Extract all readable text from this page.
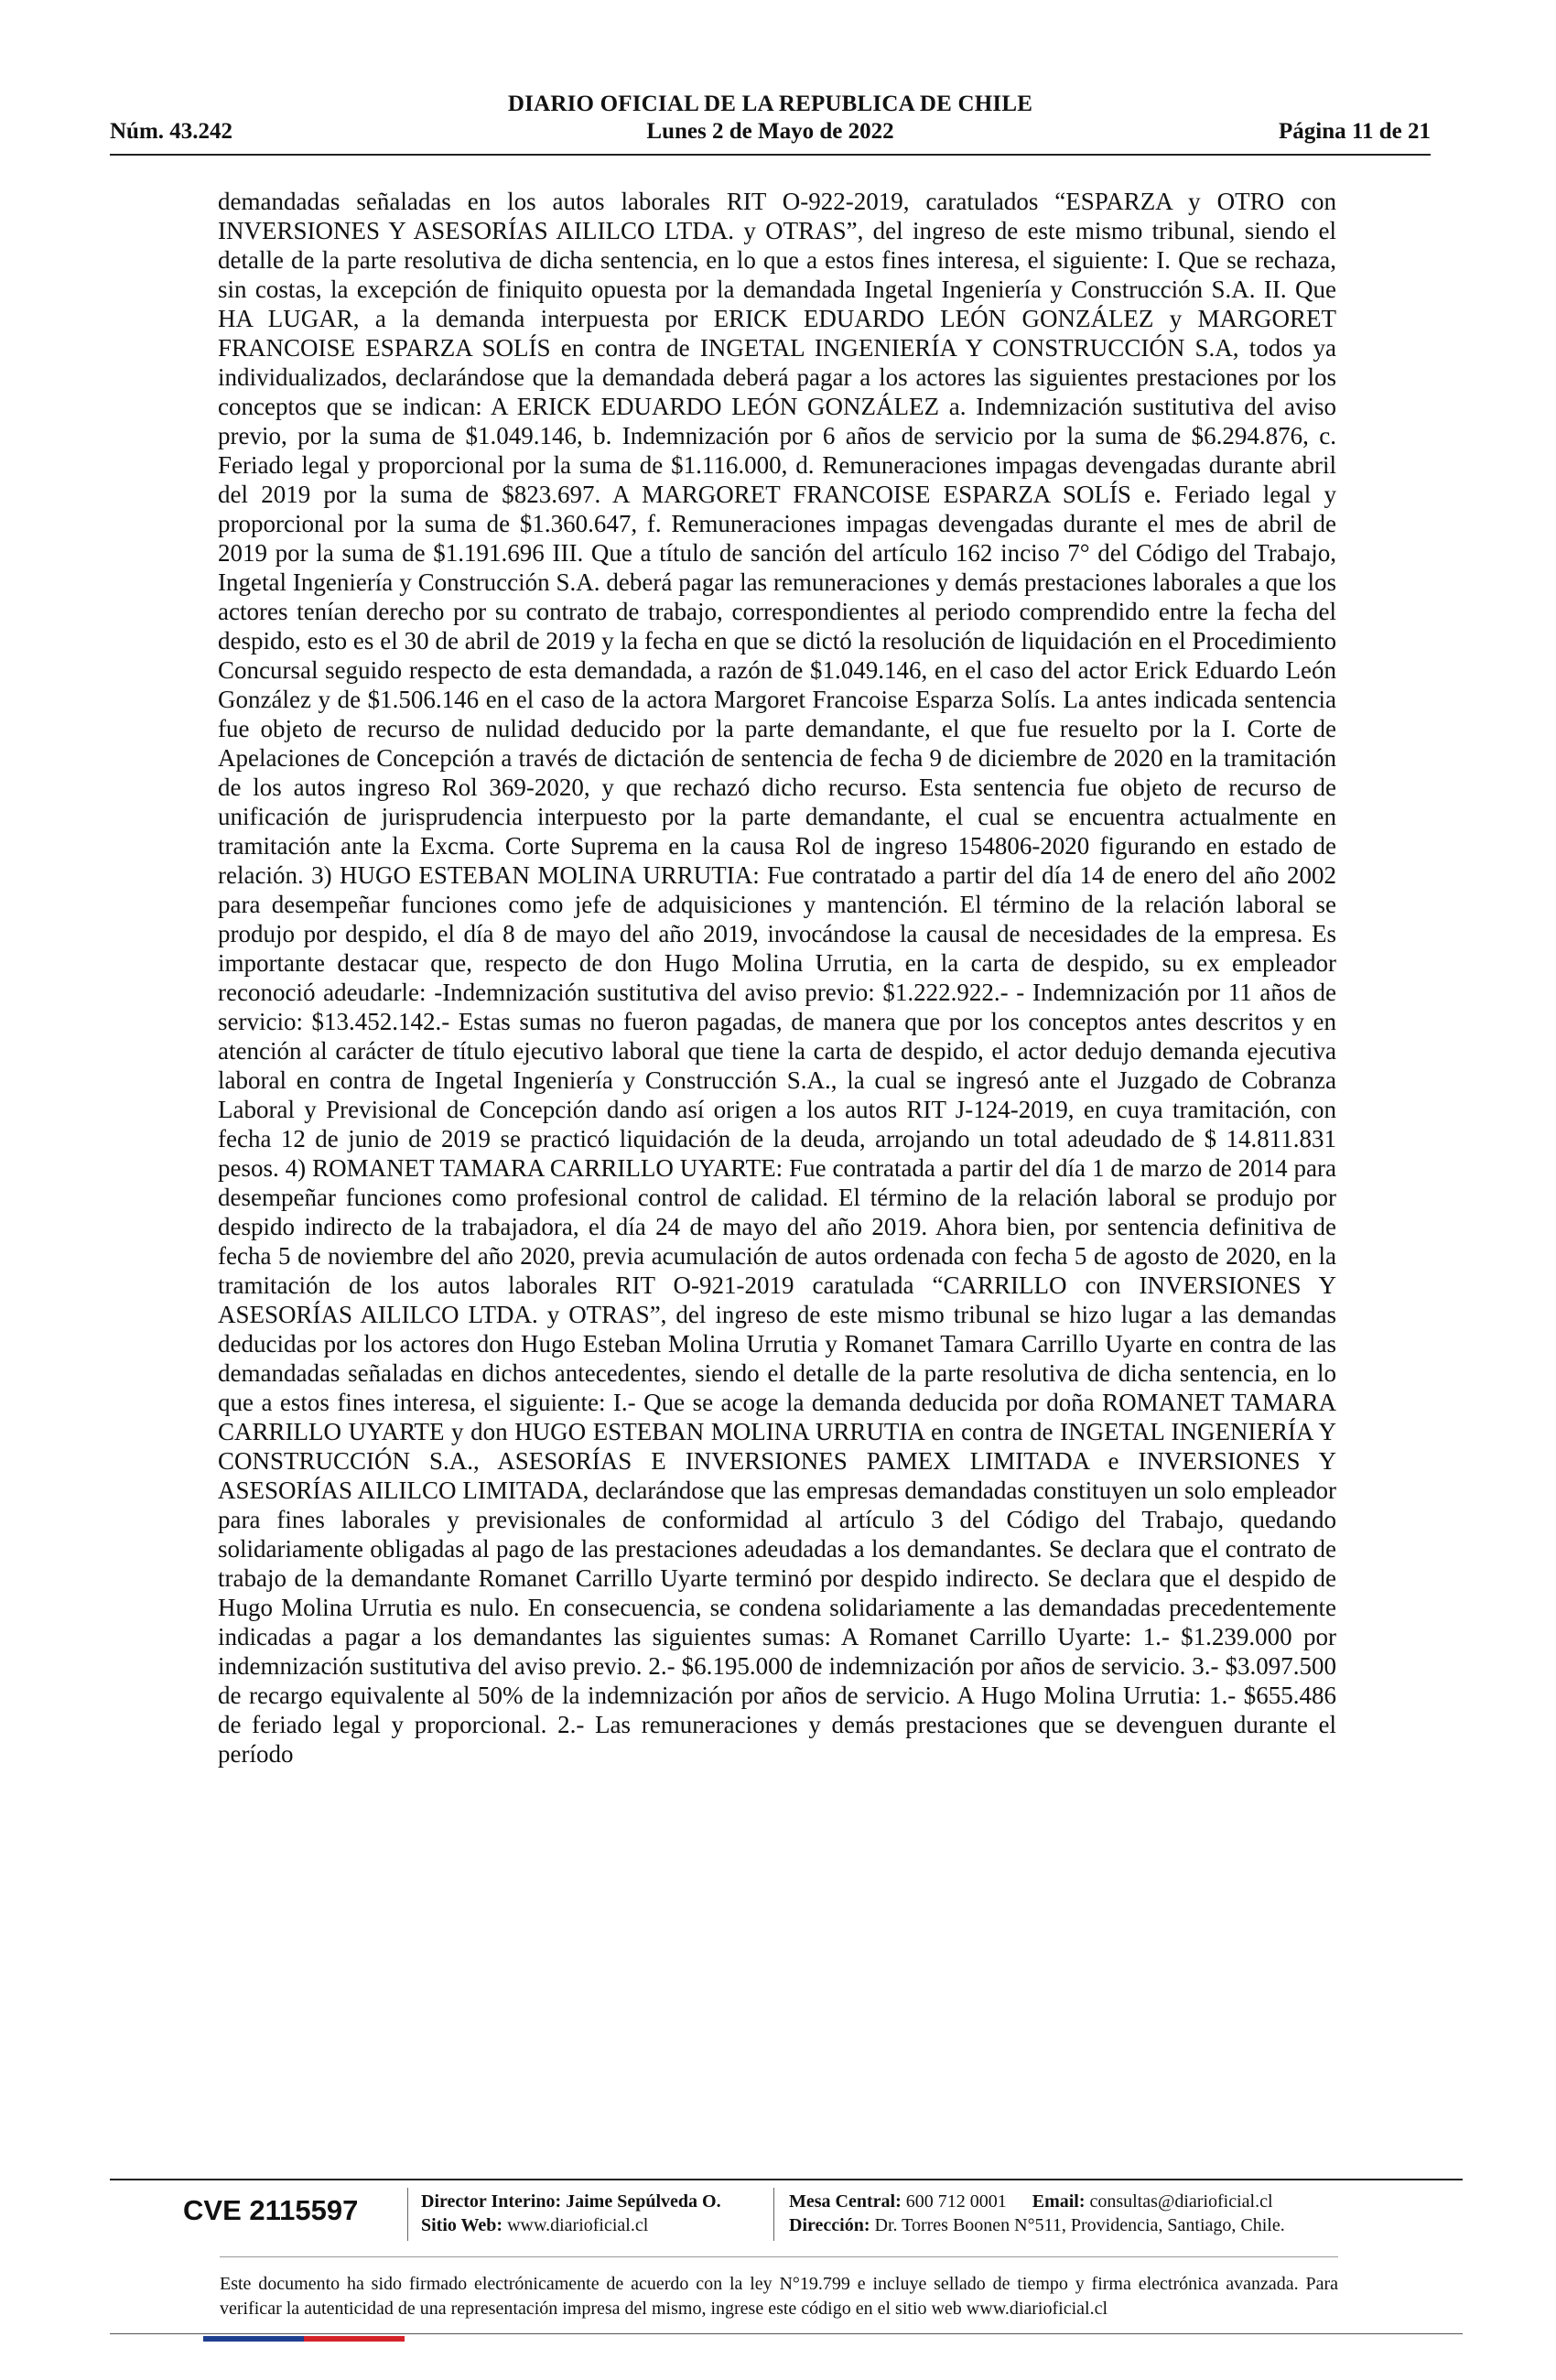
DIARIO OFICIAL DE LA REPUBLICA DE CHILE
Núm. 43.242	Lunes 2 de Mayo de 2022	Página 11 de 21

demandadas señaladas en los autos laborales RIT O-922-2019, caratulados “ESPARZA y OTRO con INVERSIONES Y ASESORÍAS AILILCO LTDA. y OTRAS”, del ingreso de este mismo tribunal, siendo el detalle de la parte resolutiva de dicha sentencia, en lo que a estos fines interesa, el siguiente: I. Que se rechaza, sin costas, la excepción de finiquito opuesta por la demandada Ingetal Ingeniería y Construcción S.A. II. Que HA LUGAR, a la demanda interpuesta por ERICK EDUARDO LEÓN GONZÁLEZ y MARGORET FRANCOISE ESPARZA SOLÍS en contra de INGETAL INGENIERÍA Y CONSTRUCCIÓN S.A, todos ya individualizados, declarándose que la demandada deberá pagar a los actores las siguientes prestaciones por los conceptos que se indican: A ERICK EDUARDO LEÓN GONZÁLEZ a. Indemnización sustitutiva del aviso previo, por la suma de $1.049.146, b. Indemnización por 6 años de servicio por la suma de $6.294.876, c. Feriado legal y proporcional por la suma de $1.116.000, d. Remuneraciones impagas devengadas durante abril del 2019 por la suma de $823.697. A MARGORET FRANCOISE ESPARZA SOLÍS e. Feriado legal y proporcional por la suma de $1.360.647, f. Remuneraciones impagas devengadas durante el mes de abril de 2019 por la suma de $1.191.696 III. Que a título de sanción del artículo 162 inciso 7° del Código del Trabajo, Ingetal Ingeniería y Construcción S.A. deberá pagar las remuneraciones y demás prestaciones laborales a que los actores tenían derecho por su contrato de trabajo, correspondientes al periodo comprendido entre la fecha del despido, esto es el 30 de abril de 2019 y la fecha en que se dictó la resolución de liquidación en el Procedimiento Concursal seguido respecto de esta demandada, a razón de $1.049.146, en el caso del actor Erick Eduardo León González y de $1.506.146 en el caso de la actora Margoret Francoise Esparza Solís. La antes indicada sentencia fue objeto de recurso de nulidad deducido por la parte demandante, el que fue resuelto por la I. Corte de Apelaciones de Concepción a través de dictación de sentencia de fecha 9 de diciembre de 2020 en la tramitación de los autos ingreso Rol 369-2020, y que rechazó dicho recurso. Esta sentencia fue objeto de recurso de unificación de jurisprudencia interpuesto por la parte demandante, el cual se encuentra actualmente en tramitación ante la Excma. Corte Suprema en la causa Rol de ingreso 154806-2020 figurando en estado de relación. 3) HUGO ESTEBAN MOLINA URRUTIA: Fue contratado a partir del día 14 de enero del año 2002 para desempeñar funciones como jefe de adquisiciones y mantención. El término de la relación laboral se produjo por despido, el día 8 de mayo del año 2019, invocándose la causal de necesidades de la empresa. Es importante destacar que, respecto de don Hugo Molina Urrutia, en la carta de despido, su ex empleador reconoció adeudarle: -Indemnización sustitutiva del aviso previo: $1.222.922.- - Indemnización por 11 años de servicio: $13.452.142.- Estas sumas no fueron pagadas, de manera que por los conceptos antes descritos y en atención al carácter de título ejecutivo laboral que tiene la carta de despido, el actor dedujo demanda ejecutiva laboral en contra de Ingetal Ingeniería y Construcción S.A., la cual se ingresó ante el Juzgado de Cobranza Laboral y Previsional de Concepción dando así origen a los autos RIT J-124-2019, en cuya tramitación, con fecha 12 de junio de 2019 se practicó liquidación de la deuda, arrojando un total adeudado de $ 14.811.831 pesos. 4) ROMANET TAMARA CARRILLO UYARTE: Fue contratada a partir del día 1 de marzo de 2014 para desempeñar funciones como profesional control de calidad. El término de la relación laboral se produjo por despido indirecto de la trabajadora, el día 24 de mayo del año 2019. Ahora bien, por sentencia definitiva de fecha 5 de noviembre del año 2020, previa acumulación de autos ordenada con fecha 5 de agosto de 2020, en la tramitación de los autos laborales RIT O-921-2019 caratulada “CARRILLO con INVERSIONES Y ASESORÍAS AILILCO LTDA. y OTRAS”, del ingreso de este mismo tribunal se hizo lugar a las demandas deducidas por los actores don Hugo Esteban Molina Urrutia y Romanet Tamara Carrillo Uyarte en contra de las demandadas señaladas en dichos antecedentes, siendo el detalle de la parte resolutiva de dicha sentencia, en lo que a estos fines interesa, el siguiente: I.- Que se acoge la demanda deducida por doña ROMANET TAMARA CARRILLO UYARTE y don HUGO ESTEBAN MOLINA URRUTIA en contra de INGETAL INGENIERÍA Y CONSTRUCCIÓN S.A., ASESORÍAS E INVERSIONES PAMEX LIMITADA e INVERSIONES Y ASESORÍAS AILILCO LIMITADA, declarándose que las empresas demandadas constituyen un solo empleador para fines laborales y previsionales de conformidad al artículo 3 del Código del Trabajo, quedando solidariamente obligadas al pago de las prestaciones adeudadas a los demandantes. Se declara que el contrato de trabajo de la demandante Romanet Carrillo Uyarte terminó por despido indirecto. Se declara que el despido de Hugo Molina Urrutia es nulo. En consecuencia, se condena solidariamente a las demandadas precedentemente indicadas a pagar a los demandantes las siguientes sumas: A Romanet Carrillo Uyarte: 1.- $1.239.000 por indemnización sustitutiva del aviso previo. 2.- $6.195.000 de indemnización por años de servicio. 3.- $3.097.500 de recargo equivalente al 50% de la indemnización por años de servicio. A Hugo Molina Urrutia: 1.- $655.486 de feriado legal y proporcional. 2.- Las remuneraciones y demás prestaciones que se devenguen durante el período

CVE 2115597	Director Interino: Jaime Sepúlveda O.
Sitio Web: www.diarioficial.cl
Mesa Central: 600 712 0001 Email: consultas@diarioficial.cl
Dirección: Dr. Torres Boonen N°511, Providencia, Santiago, Chile.
Este documento ha sido firmado electrónicamente de acuerdo con la ley N°19.799 e incluye sellado de tiempo y firma electrónica avanzada. Para verificar la autenticidad de una representación impresa del mismo, ingrese este código en el sitio web www.diarioficial.cl
